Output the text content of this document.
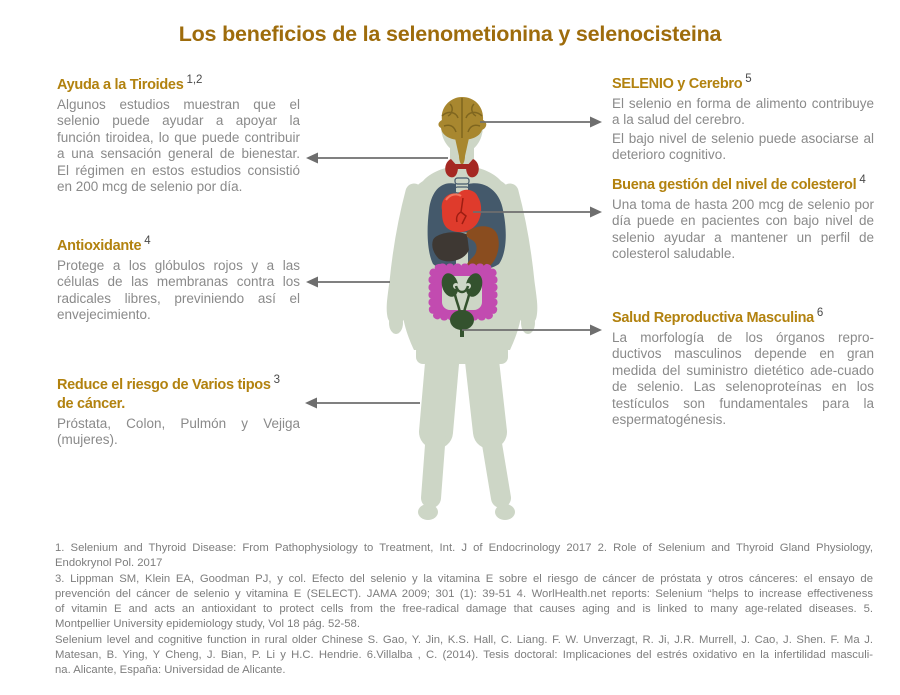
Los beneficios de la selenometionina y selenocisteina
Ayuda a la Tiroides $^{1,2}$
Algunos estudios muestran que el selenio puede ayudar a apoyar la función tiroidea, lo que puede contribuir a una sensación general de bienestar. El régimen en estos estudios consistió en 200 mcg de selenio por día.
Antioxidante $^4$
Protege a los glóbulos rojos y a las células de las membranas contra los radicales libres, previniendo así el envejecimiento.
Reduce el riesgo de Varios tipos $^3$
de cáncer.
Próstata, Colon, Pulmón y Vejiga (mujeres).
SELENIO y Cerebro $^5$
El selenio en forma de alimento contribuye a la salud del cerebro.
El bajo nivel de selenio puede asociarse al deterioro cognitivo.
Buena gestión del nivel de colesterol $^4$
Una toma de hasta 200 mcg de selenio por día puede en pacientes con bajo nivel de selenio ayudar a mantener un perfil de colesterol saludable.
Salud Reproductiva Masculina $^6$
La morfología de los órganos repro-ductivos masculinos depende en gran medida del suministro dietético ade-cuado de selenio. Las selenoproteínas en los testículos son fundamentales para la espermatogénesis.
1. Selenium and Thyroid Disease: From Pathophysiology to Treatment, Int. J of Endocrinology 2017 2. Role of Selenium and Thyroid Gland Physiology,
Endokrynol Pol. 2017
3. Lippman SM, Klein EA, Goodman PJ, y col. Efecto del selenio y la vitamina E sobre el riesgo de cáncer de próstata y otros cánceres: el ensayo de
prevención del cáncer de selenio y vitamina E (SELECT). JAMA 2009; 301 (1): 39-51 4. WorlHealth.net reports: Selenium “helps to increase effectiveness
of vitamin E and acts an antioxidant to protect cells from the free-radical damage that causes aging and is linked to many age-related diseases. 5.
Montpellier University epidemiology study, Vol 18 pág. 52-58.
Selenium level and cognitive function in rural older Chinese S. Gao, Y. Jin, K.S. Hall, C. Liang. F. W. Unverzagt, R. Ji, J.R. Murrell, J. Cao, J. Shen. F. Ma J.
Matesan, B. Ying, Y Cheng, J. Bian, P. Li y H.C. Hendrie. 6.Villalba , C. (2014). Tesis doctoral: Implicaciones del estrés oxidativo en la infertilidad masculi-
na. Alicante, España: Universidad de Alicante.
